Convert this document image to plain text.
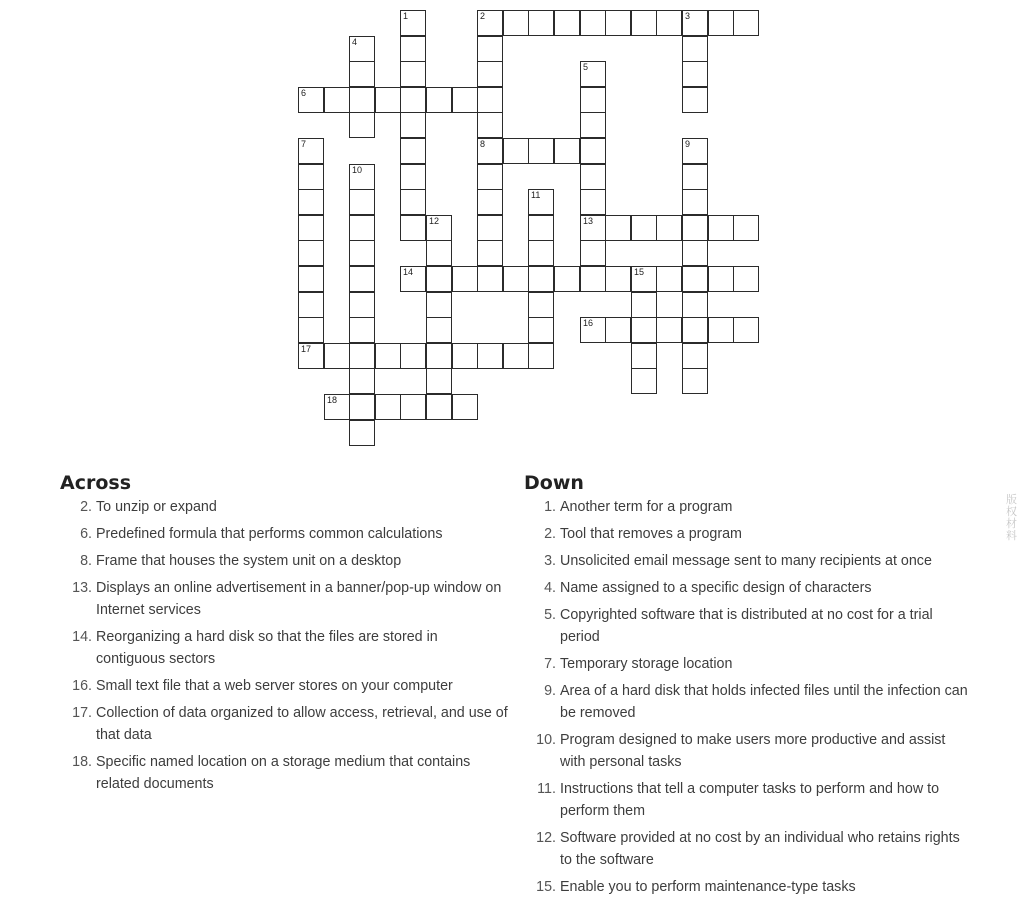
1	2
8
3
4
5
13
7
17
9
10
11
12
15
6
14
16
18
Across
2. To unzip or expand
6. Predefined formula that performs common calculations
8. Frame that houses the system unit on a desktop
13. Displays an online advertisement in a banner/pop-up window on Internet services
14. Reorganizing a hard disk so that the files are stored in contiguous sectors
16. Small text file that a web server stores on your computer
17. Collection of data organized to allow access, retrieval, and use of that data
18. Specific named location on a storage medium that contains related documents
Down
1. Another term for a program
2. Tool that removes a program
3. Unsolicited email message sent to many recipients at once
4. Name assigned to a specific design of characters
5. Copyrighted software that is distributed at no cost for a trial period
7. Temporary storage location
9. Area of a hard disk that holds infected files until the infection can be removed
10. Program designed to make users more productive and assist with personal tasks
11. Instructions that tell a computer tasks to perform and how to perform them
12. Software provided at no cost by an individual who retains rights to the software
15. Enable you to perform maintenance-type tasks
版权材料
